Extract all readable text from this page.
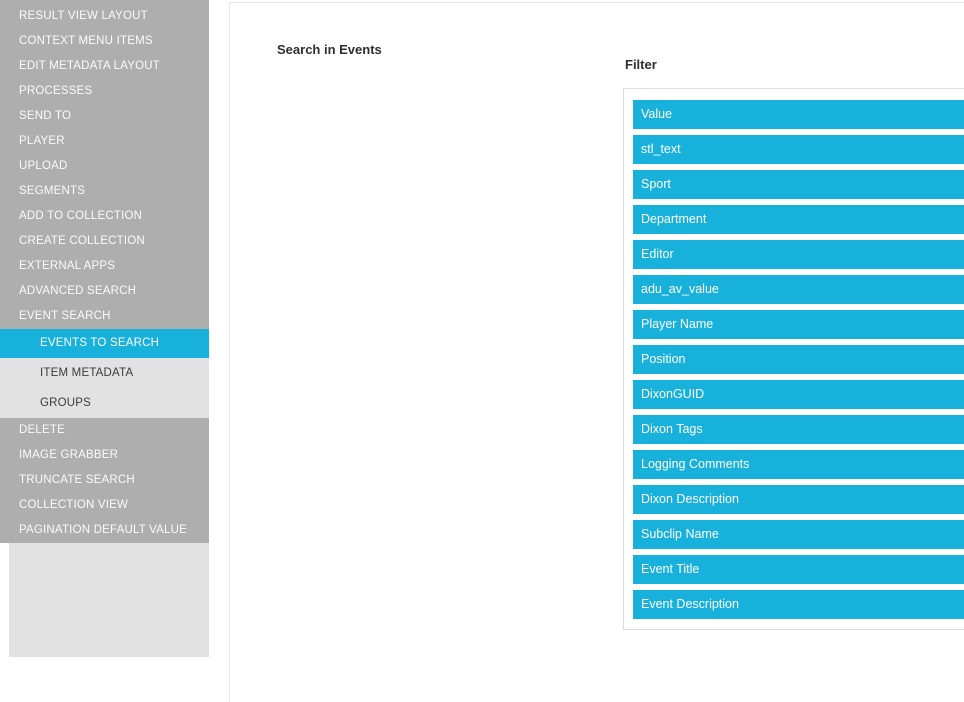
RESULT VIEW LAYOUT
CONTEXT MENU ITEMS
EDIT METADATA LAYOUT
PROCESSES
SEND TO
PLAYER
UPLOAD
SEGMENTS
ADD TO COLLECTION
CREATE COLLECTION
EXTERNAL APPS
ADVANCED SEARCH
EVENT SEARCH
EVENTS TO SEARCH
ITEM METADATA
GROUPS
DELETE
IMAGE GRABBER
TRUNCATE SEARCH
COLLECTION VIEW
PAGINATION DEFAULT VALUE
Search in Events
Filter
Value
stl_text
Sport
Department
Editor
adu_av_value
Player Name
Position
DixonGUID
Dixon Tags
Logging Comments
Dixon Description
Subclip Name
Event Title
Event Description
